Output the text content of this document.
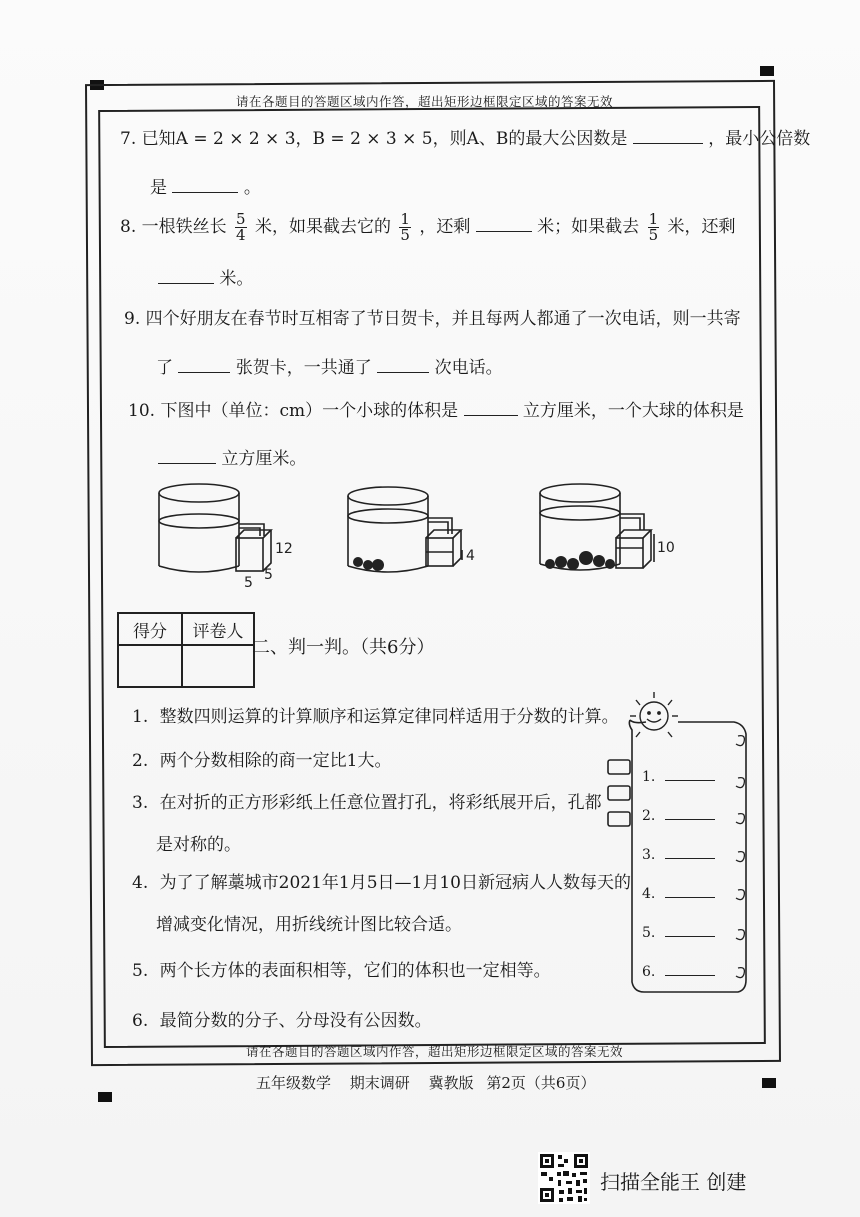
请在各题目的答题区域内作答，超出矩形边框限定区域的答案无效
7. 已知A = 2 × 2 × 3，B = 2 × 3 × 5，则A、B的最大公因数是	，最小公倍数
是	。
8. 一根铁丝长 $\frac{5}{4}$ 米，如果截去它的 $\frac{1}{5}$ ，还剩	米；如果截去 $\frac{1}{5}$ 米，还剩
米。
9. 四个好朋友在春节时互相寄了节日贺卡，并且每两人都通了一次电话，则一共寄
了	张贺卡，一共通了	次电话。
10. 下图中（单位：cm）一个小球的体积是	立方厘米，一个大球的体积是
立方厘米。
12
5
5
4	10
得分	评卷人

二、判一判。（共6分）
1. 整数四则运算的计算顺序和运算定律同样适用于分数的计算。
2. 两个分数相除的商一定比1大。
3. 在对折的正方形彩纸上任意位置打孔，将彩纸展开后，孔都
是对称的。
4. 为了了解藁城市2021年1月5日—1月10日新冠病人人数每天的
增减变化情况，用折线统计图比较合适。
5. 两个长方体的表面积相等，它们的体积也一定相等。
6. 最简分数的分子、分母没有公因数。
1.
2.
3.
4.
5.
6.
请在各题目的答题区域内作答，超出矩形边框限定区域的答案无效
五年级数学 期末调研 冀教版 第2页（共6页）
扫描全能王 创建
